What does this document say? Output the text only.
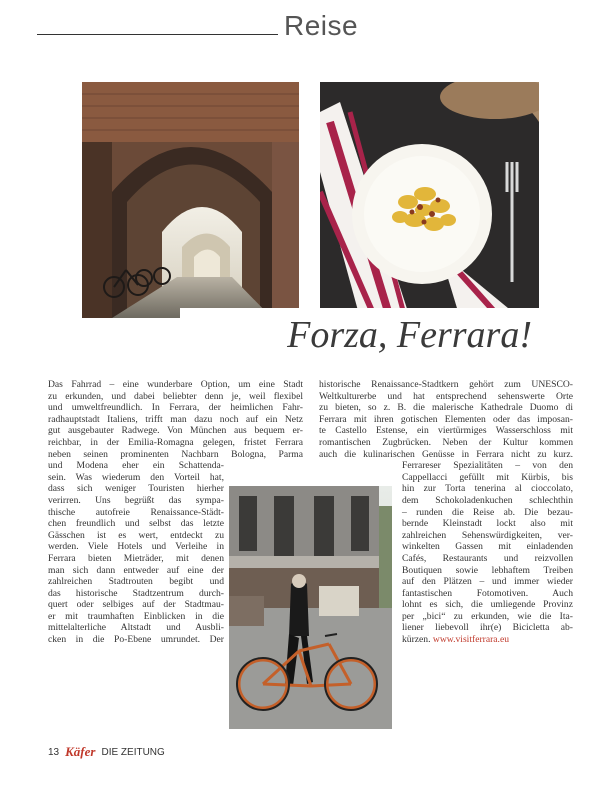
Reise
Forza, Ferrara!
Das Fahrrad – eine wunderbare Option, um eine Stadt
zu erkunden, und dabei beliebter denn je, weil flexibel
und umweltfreundlich. In Ferrara, der heimlichen Fahr-
radhauptstadt Italiens, trifft man dazu noch auf ein Netz
gut ausgebauter Radwege. Von München aus bequem er-
reichbar, in der Emilia-Romagna gelegen, fristet Ferrara
neben seinen prominenten Nachbarn Bologna, Parma
und Modena eher ein Schattenda-
sein. Was wiederum den Vorteil hat,
dass sich weniger Touristen hierher
verirren. Uns begrüßt das sympa-
thische autofreie Renaissance-Städt-
chen freundlich und selbst das letzte
Gässchen ist es wert, entdeckt zu
werden. Viele Hotels und Verleihe in
Ferrara bieten Mieträder, mit denen
man sich dann entweder auf eine der
zahlreichen Stadtrouten begibt und
das historische Stadtzentrum durch-
quert oder selbiges auf der Stadtmau-
er mit traumhaften Einblicken in die
mittelalterliche Altstadt und Ausbli-
cken in die Po-Ebene umrundet. Der
historische Renaissance-Stadtkern gehört zum UNESCO-
Weltkulturerbe und hat entsprechend sehenswerte Orte
zu bieten, so z. B. die malerische Kathedrale Duomo di
Ferrara mit ihren gotischen Elementen oder das imposan-
te Castello Estense, ein viertürmiges Wasserschloss mit
romantischen Zugbrücken. Neben der Kultur kommen
auch die kulinarischen Genüsse in Ferrara nicht zu kurz.
Ferrareser Spezialitäten – von den
Cappellacci gefüllt mit Kürbis, bis
hin zur Torta tenerina al cioccolato,
dem Schokoladenkuchen schlechthin
– runden die Reise ab. Die bezau-
bernde Kleinstadt lockt also mit
zahlreichen Sehenswürdigkeiten, ver-
winkelten Gassen mit einladenden
Cafés, Restaurants und reizvollen
Boutiquen sowie lebhaftem Treiben
auf den Plätzen – und immer wieder
fantastischen Fotomotiven. Auch
lohnt es sich, die umliegende Provinz
per „bici“ zu erkunden, wie die Ita-
liener liebevoll ihr(e) Bicicletta ab-
kürzen. www.visitferrara.eu
13 Käfer DIE ZEITUNG
